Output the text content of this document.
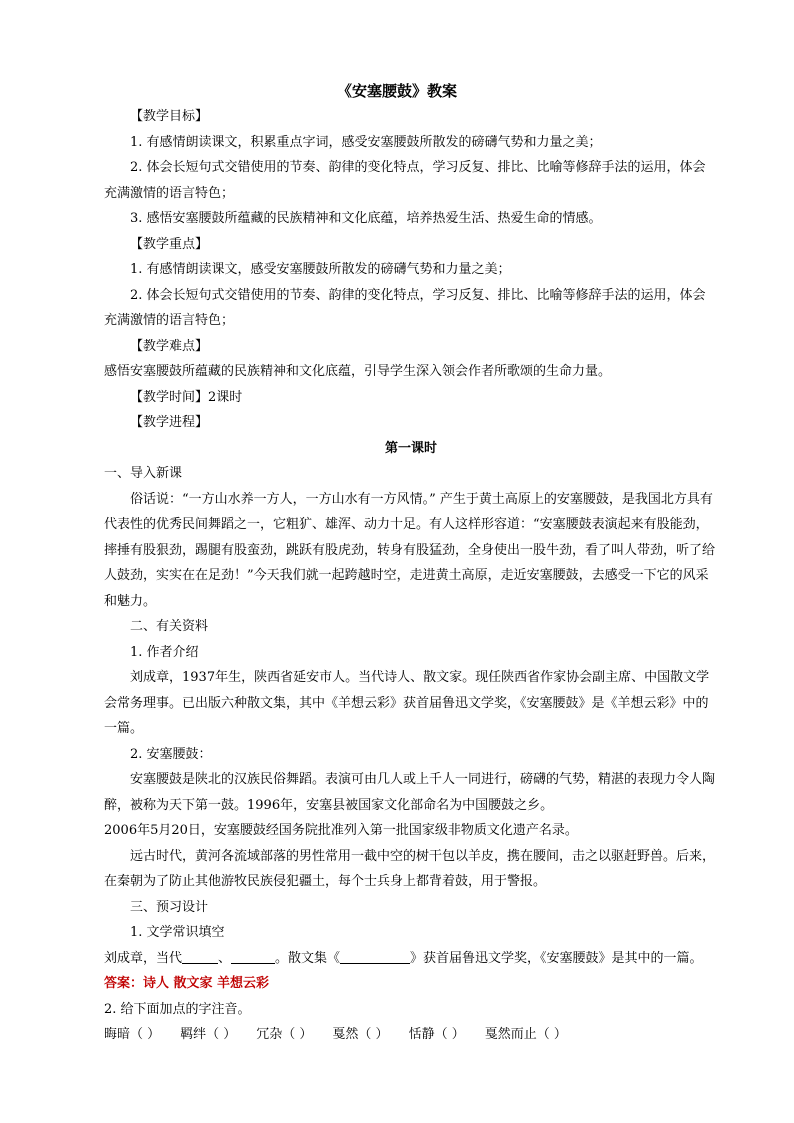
《安塞腰鼓》教案

【教学目标】

1. 有感情朗读课文，积累重点字词，感受安塞腰鼓所散发的磅礴气势和力量之美；

2. 体会长短句式交错使用的节奏、韵律的变化特点，学习反复、排比、比喻等修辞手法的运用，体会充满激情的语言特色；

3. 感悟安塞腰鼓所蕴藏的民族精神和文化底蕴，培养热爱生活、热爱生命的情感。

【教学重点】

1. 有感情朗读课文，感受安塞腰鼓所散发的磅礴气势和力量之美；

2. 体会长短句式交错使用的节奏、韵律的变化特点，学习反复、排比、比喻等修辞手法的运用，体会充满激情的语言特色；

【教学难点】

感悟安塞腰鼓所蕴藏的民族精神和文化底蕴，引导学生深入领会作者所歌颂的生命力量。

【教学时间】2课时

【教学进程】

第一课时

一、导入新课

俗话说：“一方山水养一方人，一方山水有一方风情。” 产生于黄土高原上的安塞腰鼓，是我国北方具有代表性的优秀民间舞蹈之一，它粗犷、雄浑、动力十足。有人这样形容道：“安塞腰鼓表演起来有股能劲，摔捶有股狠劲，踢腿有股蛮劲，跳跃有股虎劲，转身有股猛劲，全身使出一股牛劲，看了叫人带劲，听了给人鼓劲，实实在在足劲！”今天我们就一起跨越时空，走进黄土高原，走近安塞腰鼓，去感受一下它的风采和魅力。

二、有关资料

1. 作者介绍

刘成章，1937年生，陕西省延安市人。当代诗人、散文家。现任陕西省作家协会副主席、中国散文学会常务理事。已出版六种散文集，其中《羊想云彩》获首届鲁迅文学奖，《安塞腰鼓》是《羊想云彩》中的一篇。

2. 安塞腰鼓：

安塞腰鼓是陕北的汉族民俗舞蹈。表演可由几人或上千人一同进行，磅礴的气势，精湛的表现力令人陶醉，被称为天下第一鼓。1996年，安塞县被国家文化部命名为中国腰鼓之乡。

2006年5月20日，安塞腰鼓经国务院批准列入第一批国家级非物质文化遗产名录。

远古时代，黄河各流域部落的男性常用一截中空的树干包以羊皮，携在腰间，击之以驱赶野兽。后来，在秦朝为了防止其他游牧民族侵犯疆土，每个士兵身上都背着鼓，用于警报。

三、预习设计

1. 文学常识填空

刘成章，当代	、	。散文集《	》获首届鲁迅文学奖，《安塞腰鼓》是其中的一篇。

答案：诗人 散文家 羊想云彩

2. 给下面加点的字注音。

晦暗（ ） 羁绊（ ） 冗杂（ ） 戛然（ ） 恬静（ ） 戛然而止（ ）
